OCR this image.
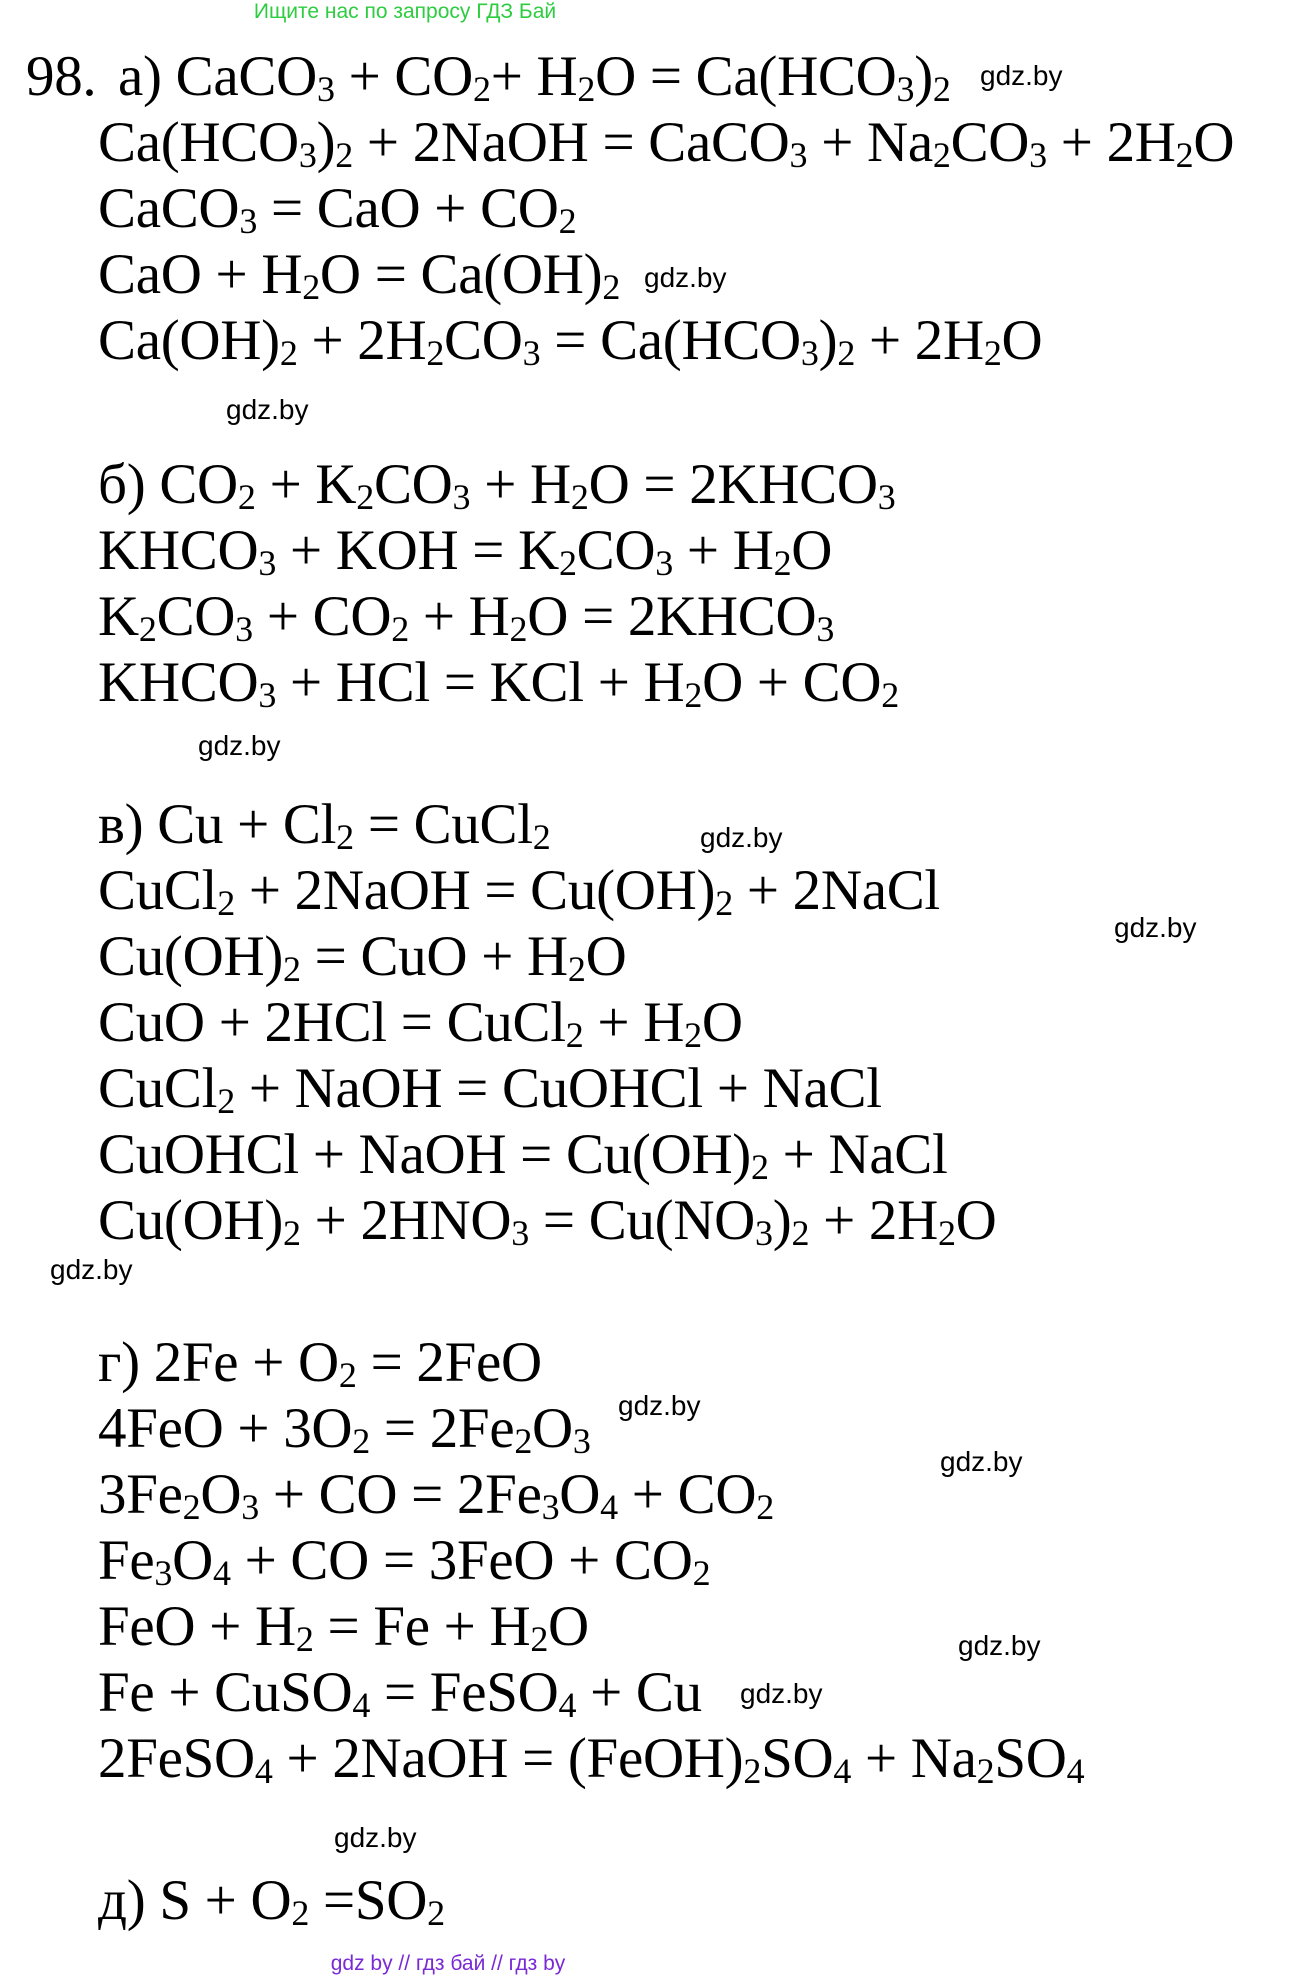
Ищите нас по запросу ГДЗ Бай
98. а) CaCO$_3$ + $CO_2+ H_2O = Ca(HCO_3)_2$
$Ca(HCO_3)_2$ + 2NaOH = CaCO$_3$ + $Na_2CO_3 + 2H_2O$
CaCO$_3$ = CaO + $CO_2$
CaO + $H_2O = Ca(OH)_2$
$Ca(OH)_2 + 2H_2CO_3 = Ca(HCO_3)_2 + 2H_2O$
б) $CO_2 + K_2CO_3 + H_2O$ = $2KHCO_3$
$KHCO_3$ + KOH = $K_2CO_3 + H_2O$
$K_2CO_3 + CO_2 + H_2O$ = $2KHCO_3$
$KHCO_3$ + HCl = KCl + $H_2O + CO_2$
в) $Cu + Cl_2$ = CuCl$_2$
CuCl$_2$ + 2NaOH = $Cu(OH)_2$ + 2NaCl
$Cu(OH)_2$ = CuO + $H_2O$
CuO + 2HCl = CuCl$_2$ + $H_2O$
CuCl$_2$ + NaOH = CuOHCl + NaCl
CuOHCl + NaOH = $Cu(OH)_2$ + NaCl
$Cu(OH)_2 + 2HNO_3 = Cu(NO_3)_2 + 2H_2O$
г) $2Fe + O_2 = 2FeO$
$4FeO + 3O_2 = 2Fe_2O_3$
$3Fe_2O_3$ + CO = $2Fe_3O_4 + CO_2$
$Fe_3O_4$ + CO = $3FeO + CO_2$
FeO + $H_2 = Fe + H_2O$
Fe + CuSO$_4$ = FeSO$_4$ + Cu
2FeSO$_4$ + 2NaOH = $(FeOH)_2SO_4 + Na_2SO_4$
д) $S + O_2 =SO_2$
gdz.by
gdz.by
gdz.by
gdz.by
gdz.by
gdz.by
gdz.by
gdz.by
gdz.by
gdz.by
gdz.by
gdz.by
gdz by // гдз бай // гдз by
